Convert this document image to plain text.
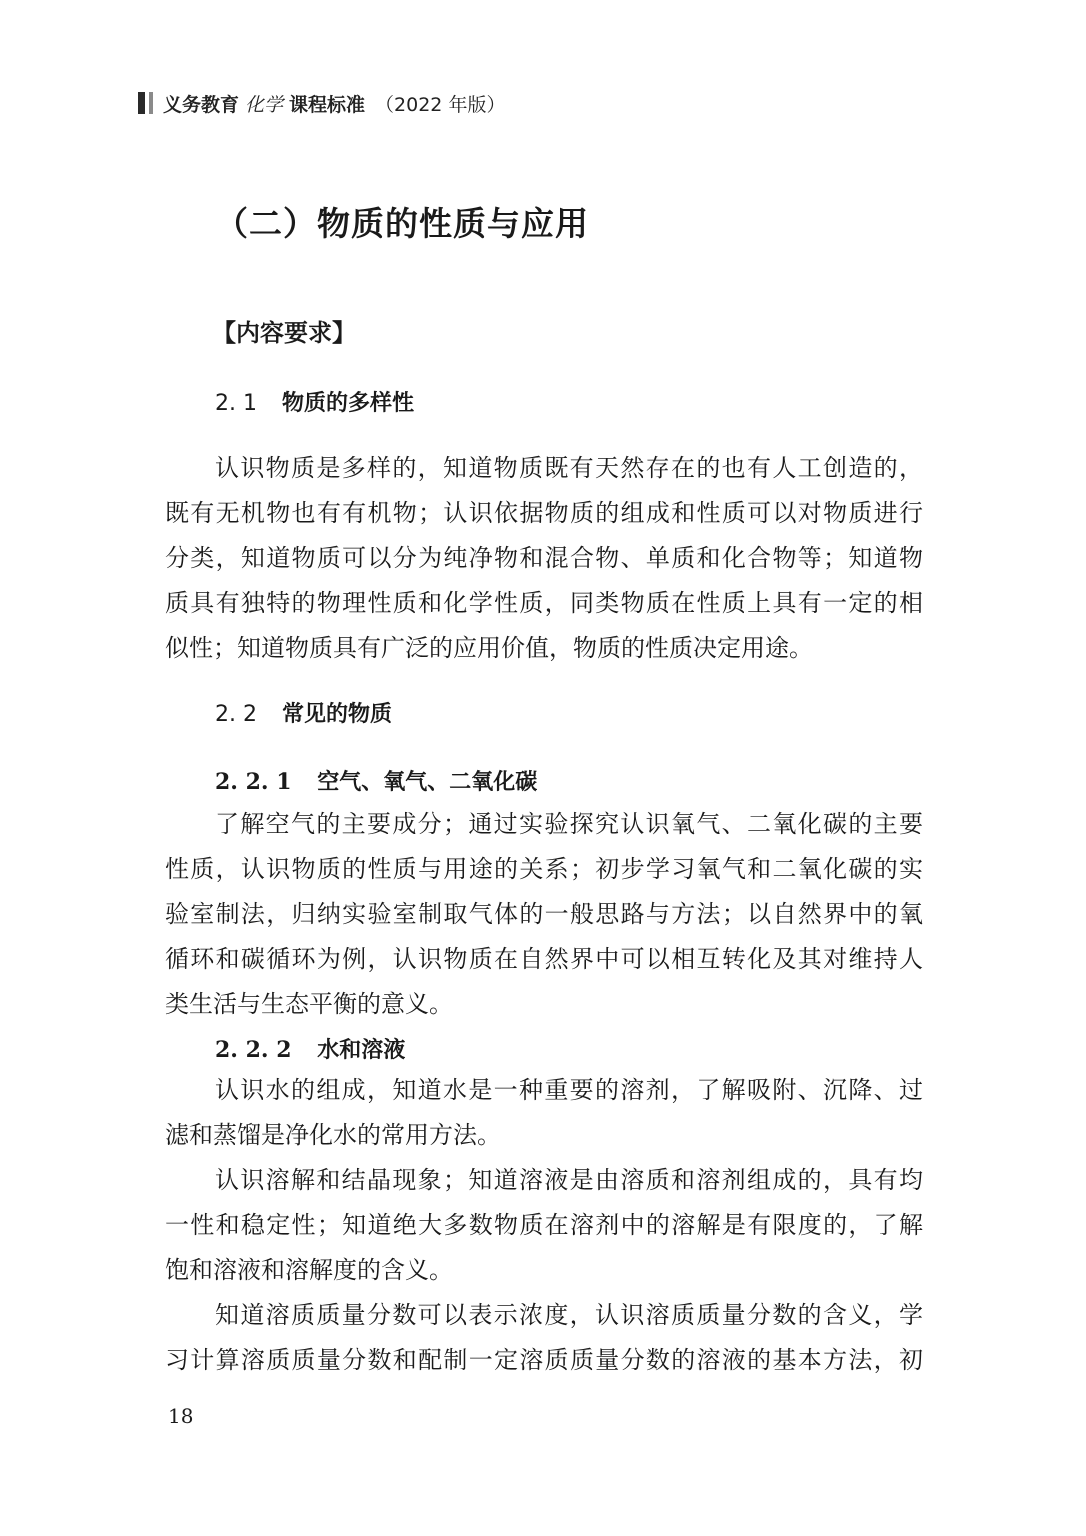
义务教育 化学 课程标准 （2022 年版）
（二）物质的性质与应用
【内容要求】
2. 1 物质的多样性
认识物质是多样的，知道物质既有天然存在的也有人工创造的，
既有无机物也有有机物；认识依据物质的组成和性质可以对物质进行
分类，知道物质可以分为纯净物和混合物、单质和化合物等；知道物
质具有独特的物理性质和化学性质，同类物质在性质上具有一定的相
似性；知道物质具有广泛的应用价值，物质的性质决定用途。
2. 2 常见的物质
2. 2. 1 空气、氧气、二氧化碳
了解空气的主要成分；通过实验探究认识氧气、二氧化碳的主要
性质，认识物质的性质与用途的关系；初步学习氧气和二氧化碳的实
验室制法，归纳实验室制取气体的一般思路与方法；以自然界中的氧
循环和碳循环为例，认识物质在自然界中可以相互转化及其对维持人
类生活与生态平衡的意义。
2. 2. 2 水和溶液
认识水的组成，知道水是一种重要的溶剂，了解吸附、沉降、过
滤和蒸馏是净化水的常用方法。
认识溶解和结晶现象；知道溶液是由溶质和溶剂组成的，具有均
一性和稳定性；知道绝大多数物质在溶剂中的溶解是有限度的，了解
饱和溶液和溶解度的含义。
知道溶质质量分数可以表示浓度，认识溶质质量分数的含义，学
习计算溶质质量分数和配制一定溶质质量分数的溶液的基本方法，初
18
